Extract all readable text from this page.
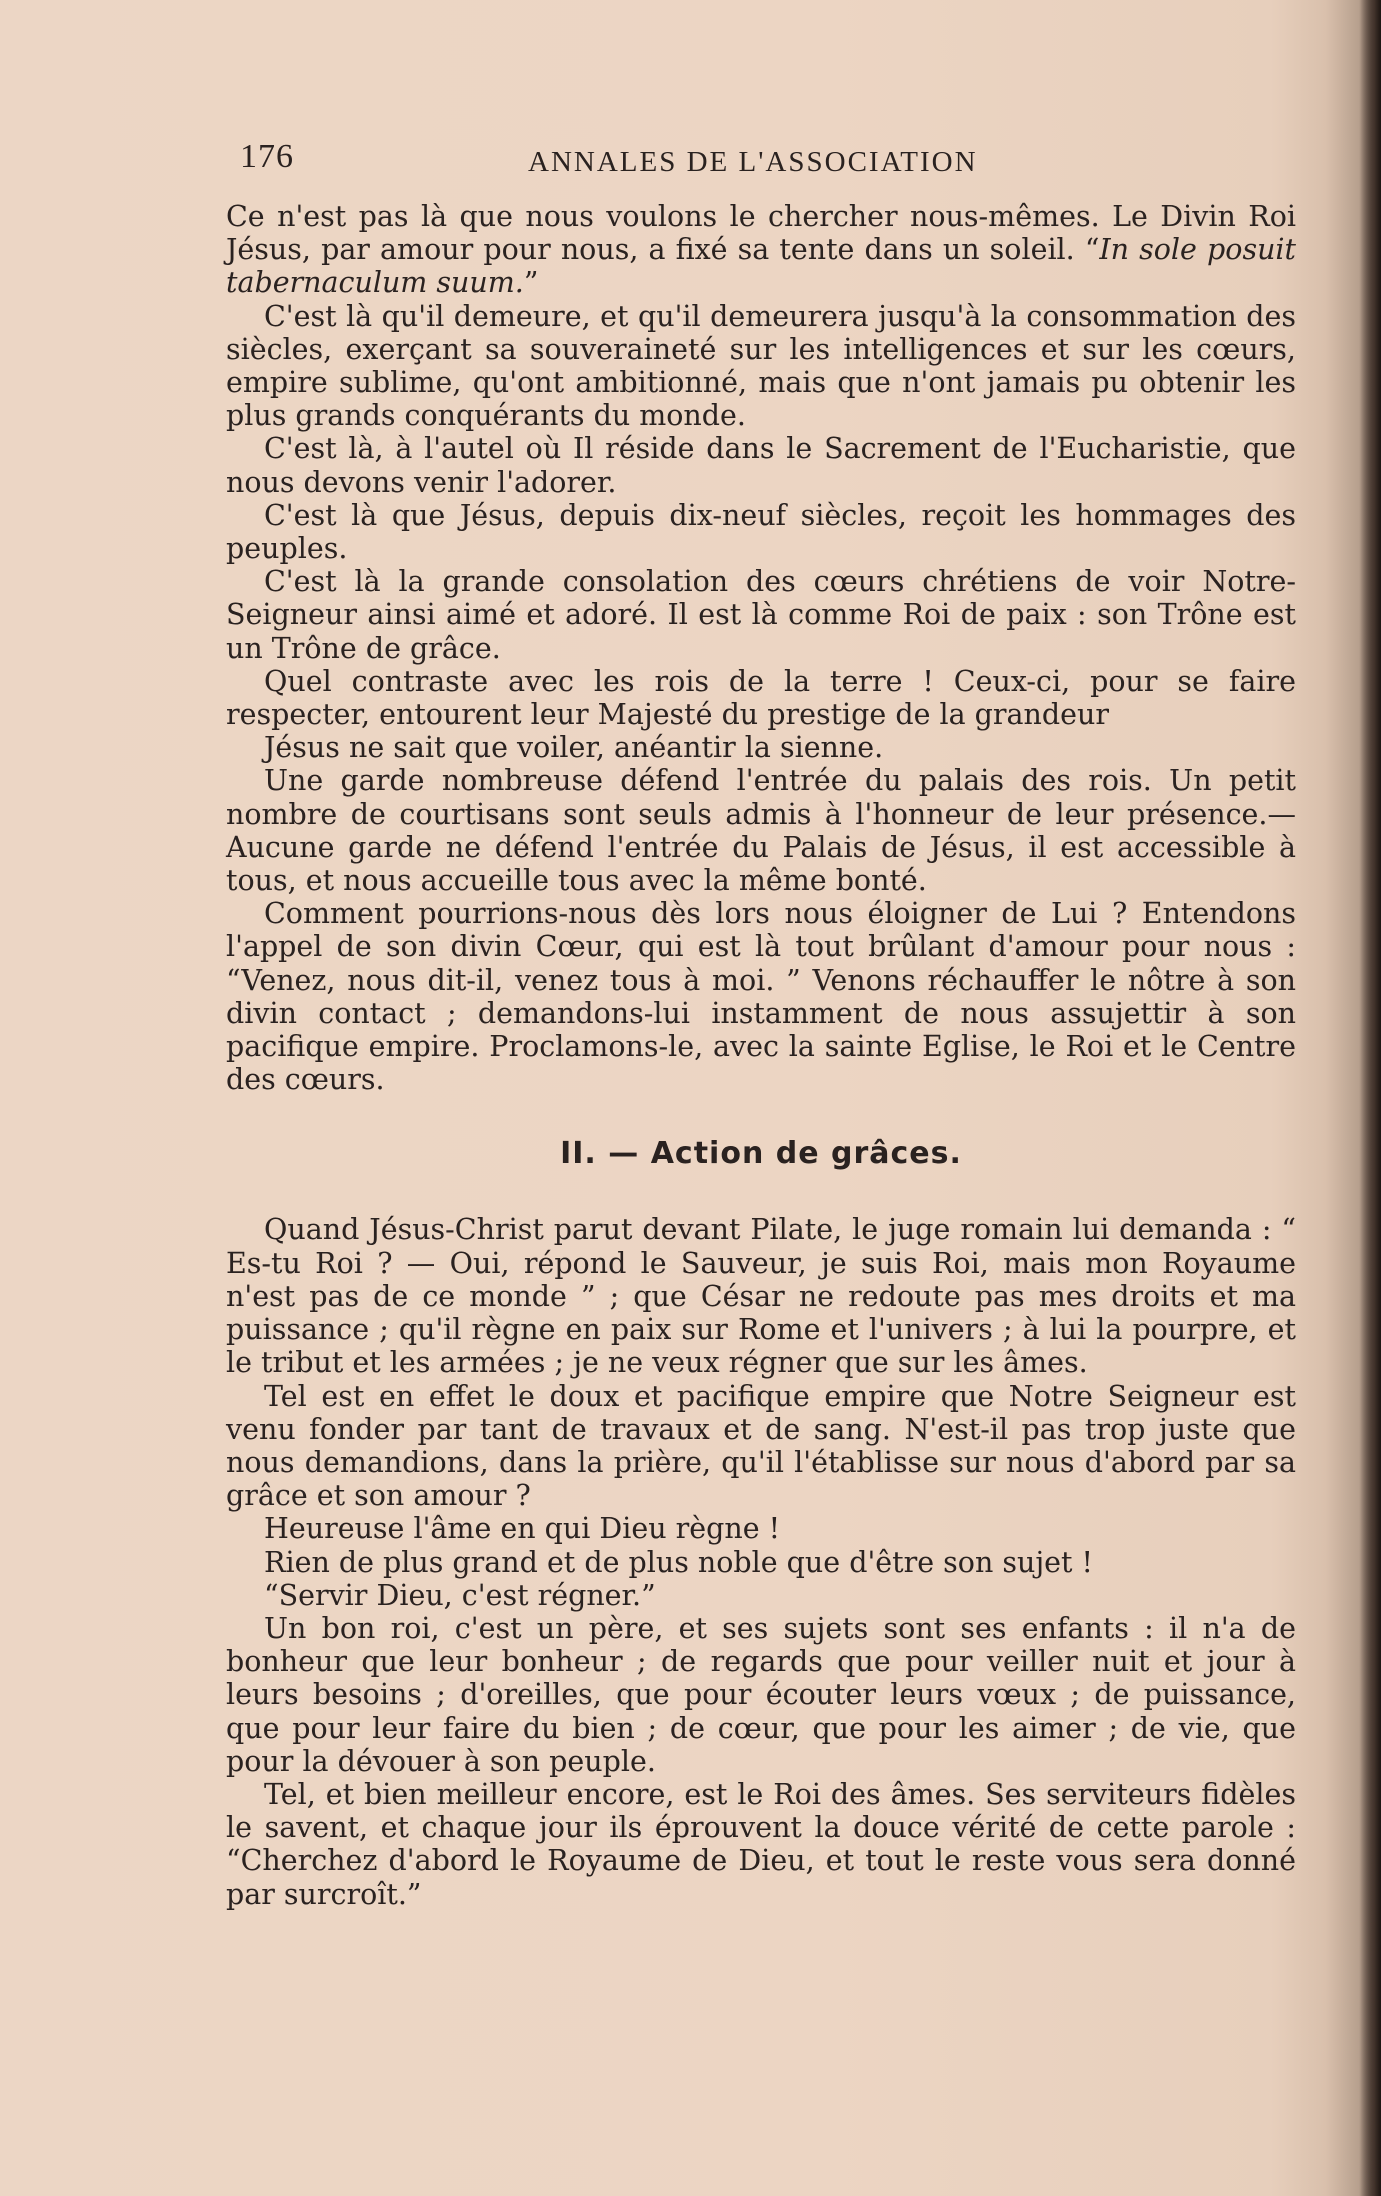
176	ANNALES DE L'ASSOCIATION

Ce n'est pas là que nous voulons le chercher nous-mêmes. Le Divin Roi Jésus, par amour pour nous, a fixé sa tente dans un soleil. “In sole posuit tabernaculum suum.”

C'est là qu'il demeure, et qu'il demeurera jusqu'à la consommation des siècles, exerçant sa souveraineté sur les intelligences et sur les cœurs, empire sublime, qu'ont ambitionné, mais que n'ont jamais pu obtenir les plus grands conquérants du monde.

C'est là, à l'autel où Il réside dans le Sacrement de l'Eucharistie, que nous devons venir l'adorer.

C'est là que Jésus, depuis dix-neuf siècles, reçoit les hommages des peuples.

C'est là la grande consolation des cœurs chrétiens de voir Notre-Seigneur ainsi aimé et adoré. Il est là comme Roi de paix : son Trône est un Trône de grâce.

Quel contraste avec les rois de la terre ! Ceux-ci, pour se faire respecter, entourent leur Majesté du prestige de la grandeur

Jésus ne sait que voiler, anéantir la sienne.

Une garde nombreuse défend l'entrée du palais des rois. Un petit nombre de courtisans sont seuls admis à l'honneur de leur présence.— Aucune garde ne défend l'entrée du Palais de Jésus, il est accessible à tous, et nous accueille tous avec la même bonté.

Comment pourrions-nous dès lors nous éloigner de Lui ? Entendons l'appel de son divin Cœur, qui est là tout brûlant d'amour pour nous : “Venez, nous dit-il, venez tous à moi. ” Venons réchauffer le nôtre à son divin contact ; demandons-lui instamment de nous assujettir à son pacifique empire. Proclamons-le, avec la sainte Eglise, le Roi et le Centre des cœurs.

II. — Action de grâces.

Quand Jésus-Christ parut devant Pilate, le juge romain lui demanda : “ Es-tu Roi ? — Oui, répond le Sauveur, je suis Roi, mais mon Royaume n'est pas de ce monde ” ; que César ne redoute pas mes droits et ma puissance ; qu'il règne en paix sur Rome et l'univers ; à lui la pourpre, et le tribut et les armées ; je ne veux régner que sur les âmes.

Tel est en effet le doux et pacifique empire que Notre Seigneur est venu fonder par tant de travaux et de sang. N'est-il pas trop juste que nous demandions, dans la prière, qu'il l'établisse sur nous d'abord par sa grâce et son amour ?

Heureuse l'âme en qui Dieu règne !

Rien de plus grand et de plus noble que d'être son sujet !

“Servir Dieu, c'est régner.”

Un bon roi, c'est un père, et ses sujets sont ses enfants : il n'a de bonheur que leur bonheur ; de regards que pour veiller nuit et jour à leurs besoins ; d'oreilles, que pour écouter leurs vœux ; de puissance, que pour leur faire du bien ; de cœur, que pour les aimer ; de vie, que pour la dévouer à son peuple.

Tel, et bien meilleur encore, est le Roi des âmes. Ses serviteurs fidèles le savent, et chaque jour ils éprouvent la douce vérité de cette parole : “Cherchez d'abord le Royaume de Dieu, et tout le reste vous sera donné par surcroît.”
